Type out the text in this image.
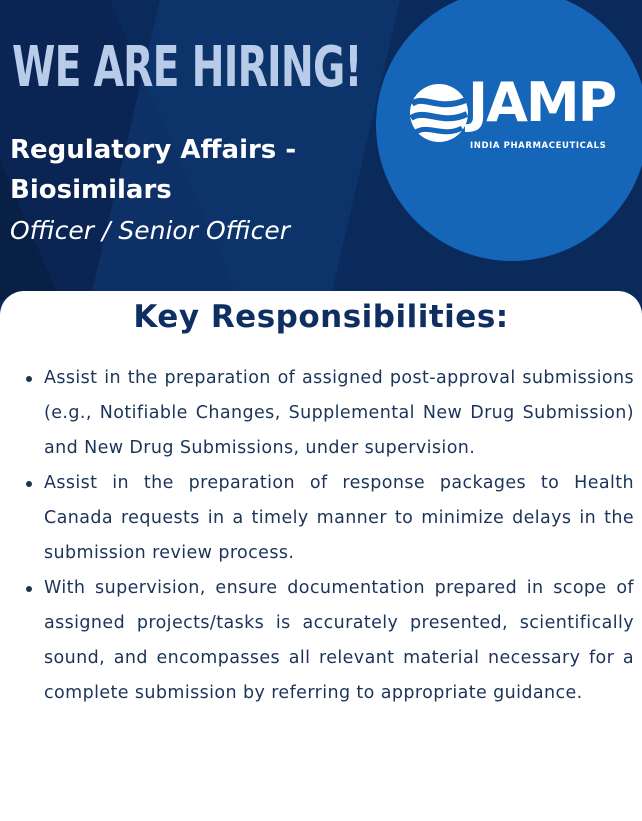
WE ARE HIRING!
Regulatory Affairs - Biosimilars

Officer / Senior Officer

JAMP
INDIA PHARMACEUTICALS
Key Responsibilities:
Assist in the preparation of assigned post-approval submissions (e.g., Notifiable Changes, Supplemental New Drug Submission) and New Drug Submissions, under supervision.
Assist in the preparation of response packages to Health Canada requests in a timely manner to minimize delays in the submission review process.
With supervision, ensure documentation prepared in scope of assigned projects/tasks is accurately presented, scientifically sound, and encompasses all relevant material necessary for a complete submission by referring to appropriate guidance.
